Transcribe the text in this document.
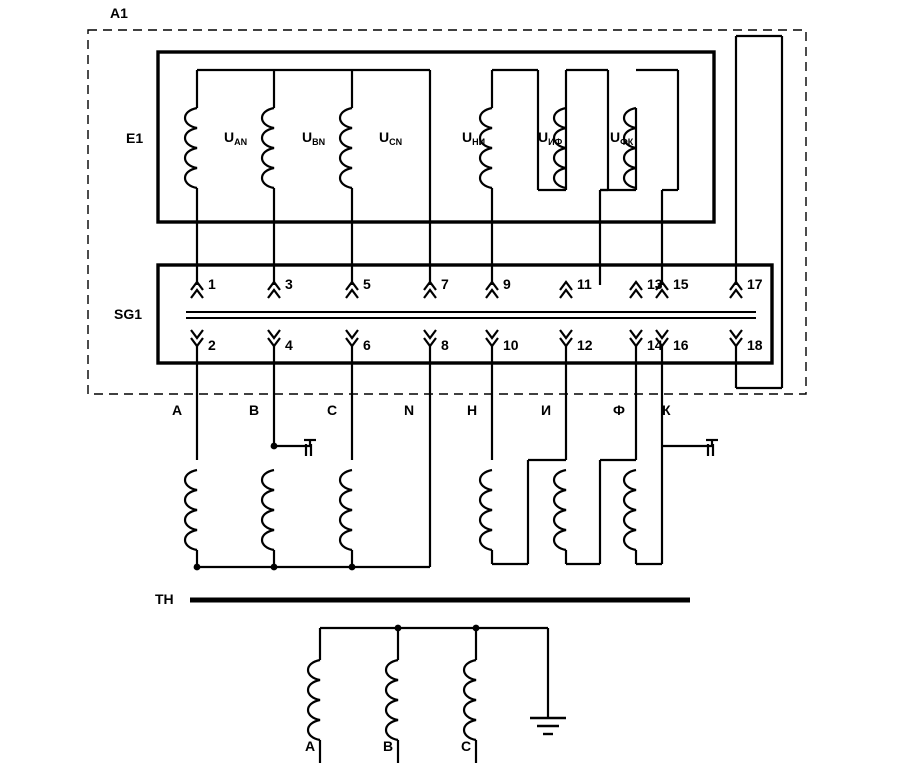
A1
E1
SG1
TH
$U_{AN}$	$U_{BN}$	$U_{CN}$	$U_{НИ}$	$U_{ИФ}$	$U_{ФК}$
1	3	5	7	9	11	13 15	17
2	4	6	8	10	12	14 16	18
A	B	C	N	Н	И	Ф	К
A	B	C
